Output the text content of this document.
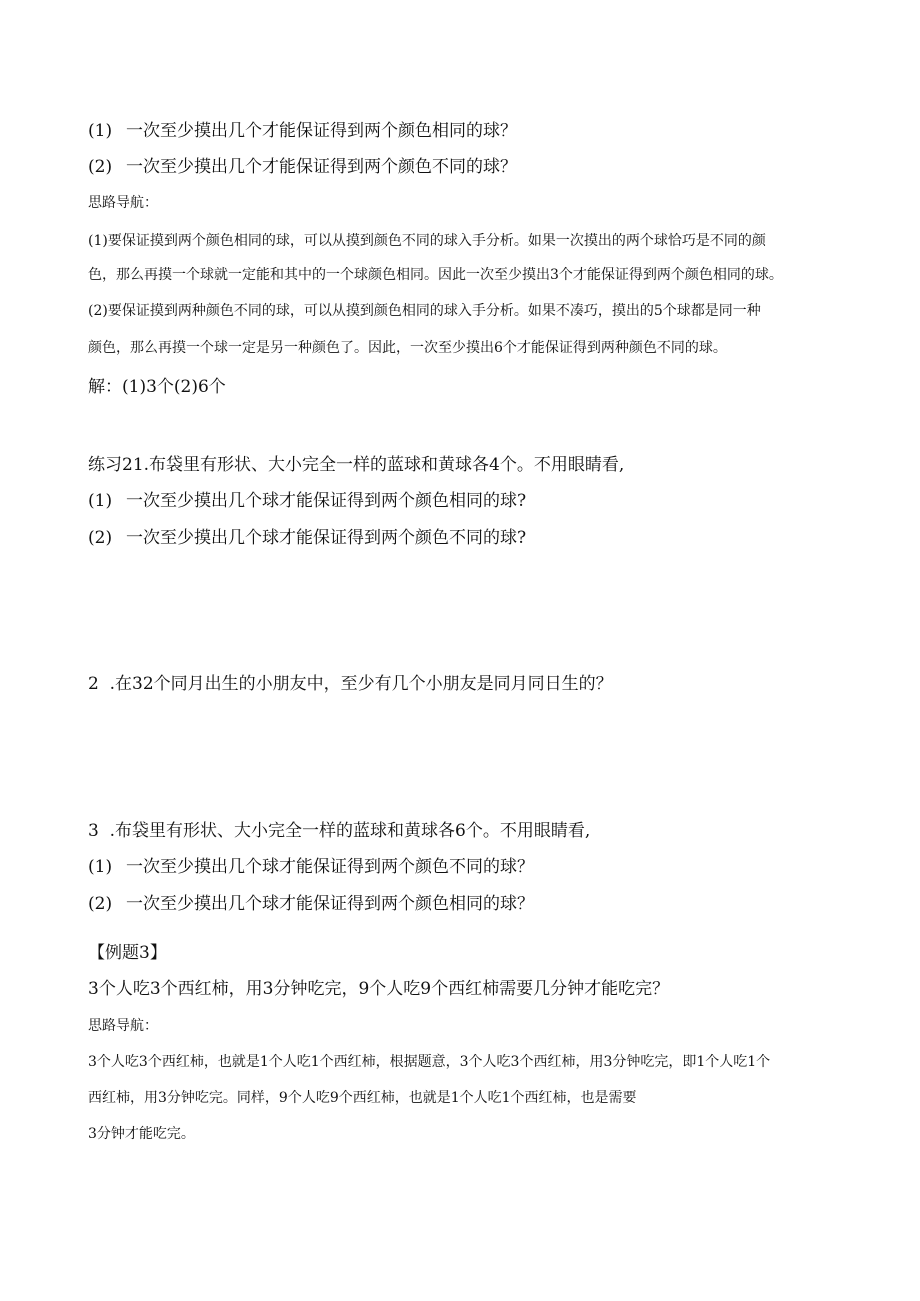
(1) 一次至少摸出几个才能保证得到两个颜色相同的球？
(2) 一次至少摸出几个才能保证得到两个颜色不同的球？
思路导航：
(1)要保证摸到两个颜色相同的球，可以从摸到颜色不同的球入手分析。如果一次摸出的两个球恰巧是不同的颜
色，那么再摸一个球就一定能和其中的一个球颜色相同。因此一次至少摸出3个才能保证得到两个颜色相同的球。
(2)要保证摸到两种颜色不同的球，可以从摸到颜色相同的球入手分析。如果不凑巧，摸出的5个球都是同一种
颜色，那么再摸一个球一定是另一种颜色了。因此，一次至少摸出6个才能保证得到两种颜色不同的球。
解：(1)3个(2)6个
练习21.布袋里有形状、大小完全一样的蓝球和黄球各4个。不用眼睛看,
(1) 一次至少摸出几个球才能保证得到两个颜色相同的球?
(2) 一次至少摸出几个球才能保证得到两个颜色不同的球?
2  .在32个同月出生的小朋友中，至少有几个小朋友是同月同日生的？
3  .布袋里有形状、大小完全一样的蓝球和黄球各6个。不用眼睛看,
(1) 一次至少摸出几个球才能保证得到两个颜色不同的球？
(2) 一次至少摸出几个球才能保证得到两个颜色相同的球？
【例题3】
3个人吃3个西红柿，用3分钟吃完，9个人吃9个西红柿需要几分钟才能吃完？
思路导航：
3个人吃3个西红柿，也就是1个人吃1个西红柿，根据题意，3个人吃3个西红柿，用3分钟吃完，即1个人吃1个
西红柿，用3分钟吃完。同样，9个人吃9个西红柿，也就是1个人吃1个西红柿，也是需要
3分钟才能吃完。
